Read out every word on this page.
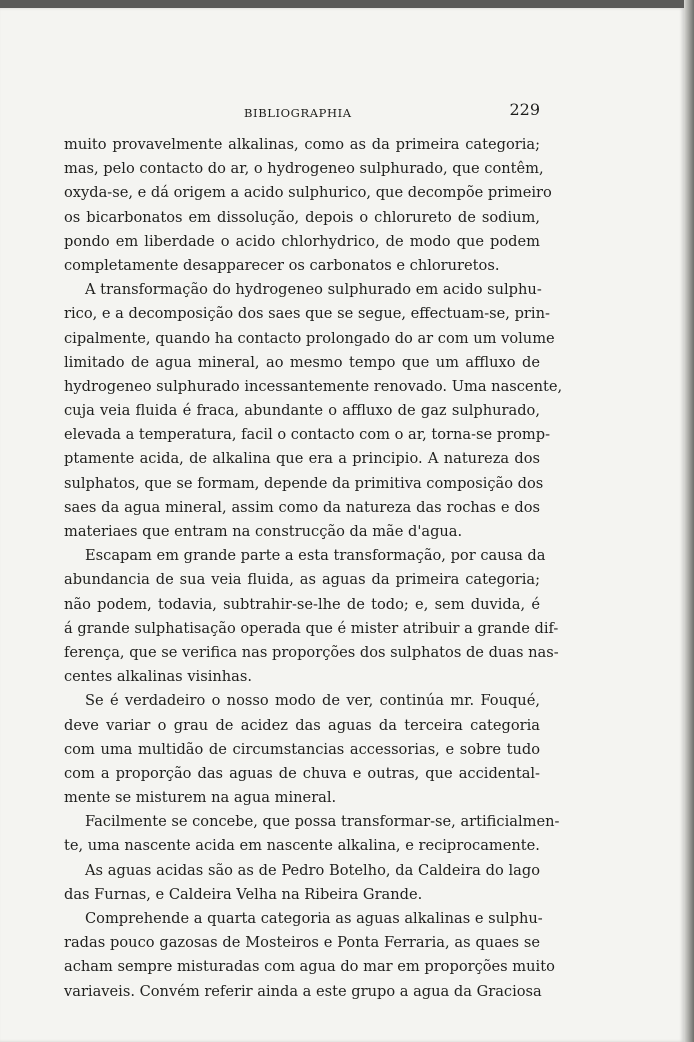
BIBLIOGRAPHIA	229
muito provavelmente alkalinas, como as da primeira categoria;
mas, pelo contacto do ar, o hydrogeneo sulphurado, que contêm,
oxyda-se, e dá origem a acido sulphurico, que decompõe primeiro
os bicarbonatos em dissolução, depois o chlorureto de sodium,
pondo em liberdade o acido chlorhydrico, de modo que podem
completamente desapparecer os carbonatos e chloruretos.
A transformação do hydrogeneo sulphurado em acido sulphu-
rico, e a decomposição dos saes que se segue, effectuam-se, prin-
cipalmente, quando ha contacto prolongado do ar com um volume
limitado de agua mineral, ao mesmo tempo que um affluxo de
hydrogeneo sulphurado incessantemente renovado. Uma nascente,
cuja veia fluida é fraca, abundante o affluxo de gaz sulphurado,
elevada a temperatura, facil o contacto com o ar, torna-se promp-
ptamente acida, de alkalina que era a principio. A natureza dos
sulphatos, que se formam, depende da primitiva composição dos
saes da agua mineral, assim como da natureza das rochas e dos
materiaes que entram na construcção da mãe d'agua.
Escapam em grande parte a esta transformação, por causa da
abundancia de sua veia fluida, as aguas da primeira categoria;
não podem, todavia, subtrahir-se-lhe de todo; e, sem duvida, é
á grande sulphatisação operada que é mister atribuir a grande dif-
ferença, que se verifica nas proporções dos sulphatos de duas nas-
centes alkalinas visinhas.
Se é verdadeiro o nosso modo de ver, continúa mr. Fouqué,
deve variar o grau de acidez das aguas da terceira categoria
com uma multidão de circumstancias accessorias, e sobre tudo
com a proporção das aguas de chuva e outras, que accidental-
mente se misturem na agua mineral.
Facilmente se concebe, que possa transformar-se, artificialmen-
te, uma nascente acida em nascente alkalina, e reciprocamente.
As aguas acidas são as de Pedro Botelho, da Caldeira do lago
das Furnas, e Caldeira Velha na Ribeira Grande.
Comprehende a quarta categoria as aguas alkalinas e sulphu-
radas pouco gazosas de Mosteiros e Ponta Ferraria, as quaes se
acham sempre misturadas com agua do mar em proporções muito
variaveis. Convém referir ainda a este grupo a agua da Graciosa
